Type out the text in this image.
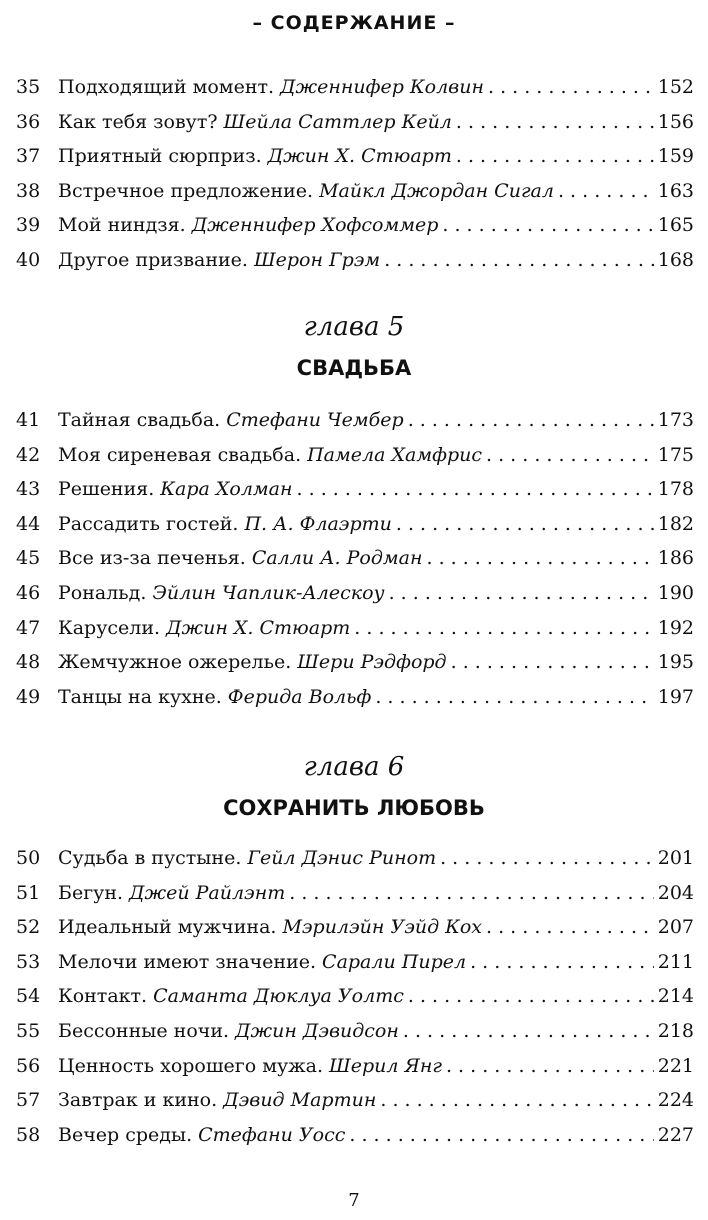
– СОДЕРЖАНИЕ –
35 Подходящий момент. Дженнифер Колвин . . .	152
36 Как тебя зовут? Шейла Саттлер Кейл . . .	156
37 Приятный сюрприз. Джин Х. Стюарт . . .	159
38 Встречное предложение. Майкл Джордан Сигал . . .	163
39 Мой ниндзя. Дженнифер Хофсоммер . . .	165
40 Другое призвание. Шерон Грэм . . .	168
глава 5
СВАДЬБА
41 Тайная свадьба. Стефани Чембер . . .	173
42 Моя сиреневая свадьба. Памела Хамфрис . . .	175
43 Решения. Кара Холман . . .	178
44 Рассадить гостей. П. А. Флаэрти . . .	182
45 Все из-за печенья. Салли А. Родман . . .	186
46 Рональд. Эйлин Чаплик-Алескоу . . .	190
47 Карусели. Джин Х. Стюарт . . .	192
48 Жемчужное ожерелье. Шери Рэдфорд . . .	195
49 Танцы на кухне. Ферида Вольф . . .	197
глава 6
СОХРАНИТЬ ЛЮБОВЬ
50 Судьба в пустыне. Гейл Дэнис Ринот . . .	201
51 Бегун. Джей Райлэнт . . .	204
52 Идеальный мужчина. Мэрилэйн Уэйд Кох . . .	207
53 Мелочи имеют значение. Сарали Пирел . . .	211
54 Контакт. Саманта Дюклуа Уолтс . . .	214
55 Бессонные ночи. Джин Дэвидсон . . .	218
56 Ценность хорошего мужа. Шерил Янг . . .	221
57 Завтрак и кино. Дэвид Мартин . . .	224
58 Вечер среды. Стефани Уосс . . .	227
7
